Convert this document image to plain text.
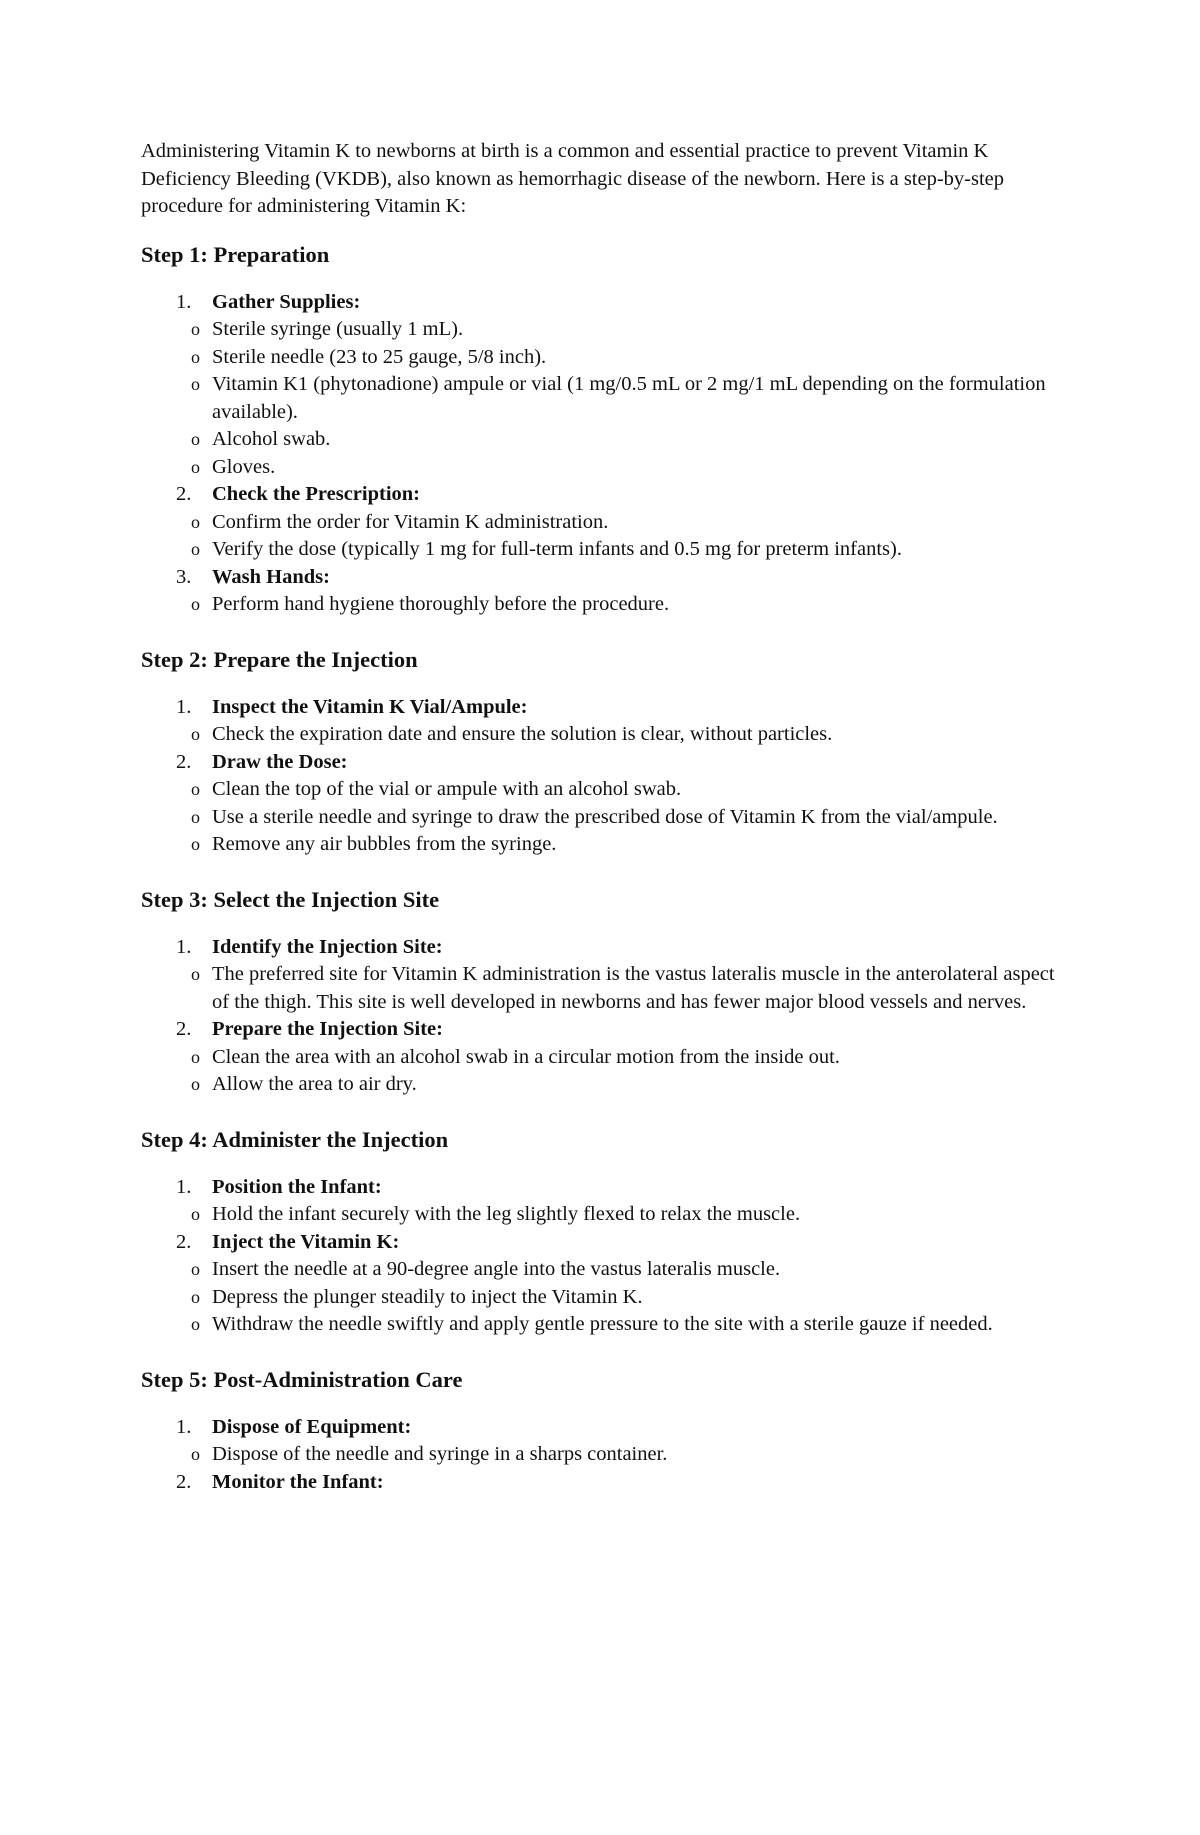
Administering Vitamin K to newborns at birth is a common and essential practice to prevent Vitamin K Deficiency Bleeding (VKDB), also known as hemorrhagic disease of the newborn. Here is a step-by-step procedure for administering Vitamin K:

Step 1: Preparation
1. Gather Supplies:
o Sterile syringe (usually 1 mL).
o Sterile needle (23 to 25 gauge, 5/8 inch).
o Vitamin K1 (phytonadione) ampule or vial (1 mg/0.5 mL or 2 mg/1 mL depending on the formulation available).
o Alcohol swab.
o Gloves.
2. Check the Prescription:
o Confirm the order for Vitamin K administration.
o Verify the dose (typically 1 mg for full-term infants and 0.5 mg for preterm infants).
3. Wash Hands:
o Perform hand hygiene thoroughly before the procedure.
Step 2: Prepare the Injection
1. Inspect the Vitamin K Vial/Ampule:
o Check the expiration date and ensure the solution is clear, without particles.
2. Draw the Dose:
o Clean the top of the vial or ampule with an alcohol swab.
o Use a sterile needle and syringe to draw the prescribed dose of Vitamin K from the vial/ampule.
o Remove any air bubbles from the syringe.
Step 3: Select the Injection Site
1. Identify the Injection Site:
o The preferred site for Vitamin K administration is the vastus lateralis muscle in the anterolateral aspect of the thigh. This site is well developed in newborns and has fewer major blood vessels and nerves.
2. Prepare the Injection Site:
o Clean the area with an alcohol swab in a circular motion from the inside out.
o Allow the area to air dry.
Step 4: Administer the Injection
1. Position the Infant:
o Hold the infant securely with the leg slightly flexed to relax the muscle.
2. Inject the Vitamin K:
o Insert the needle at a 90-degree angle into the vastus lateralis muscle.
o Depress the plunger steadily to inject the Vitamin K.
o Withdraw the needle swiftly and apply gentle pressure to the site with a sterile gauze if needed.
Step 5: Post-Administration Care
1. Dispose of Equipment:
o Dispose of the needle and syringe in a sharps container.
2. Monitor the Infant:
